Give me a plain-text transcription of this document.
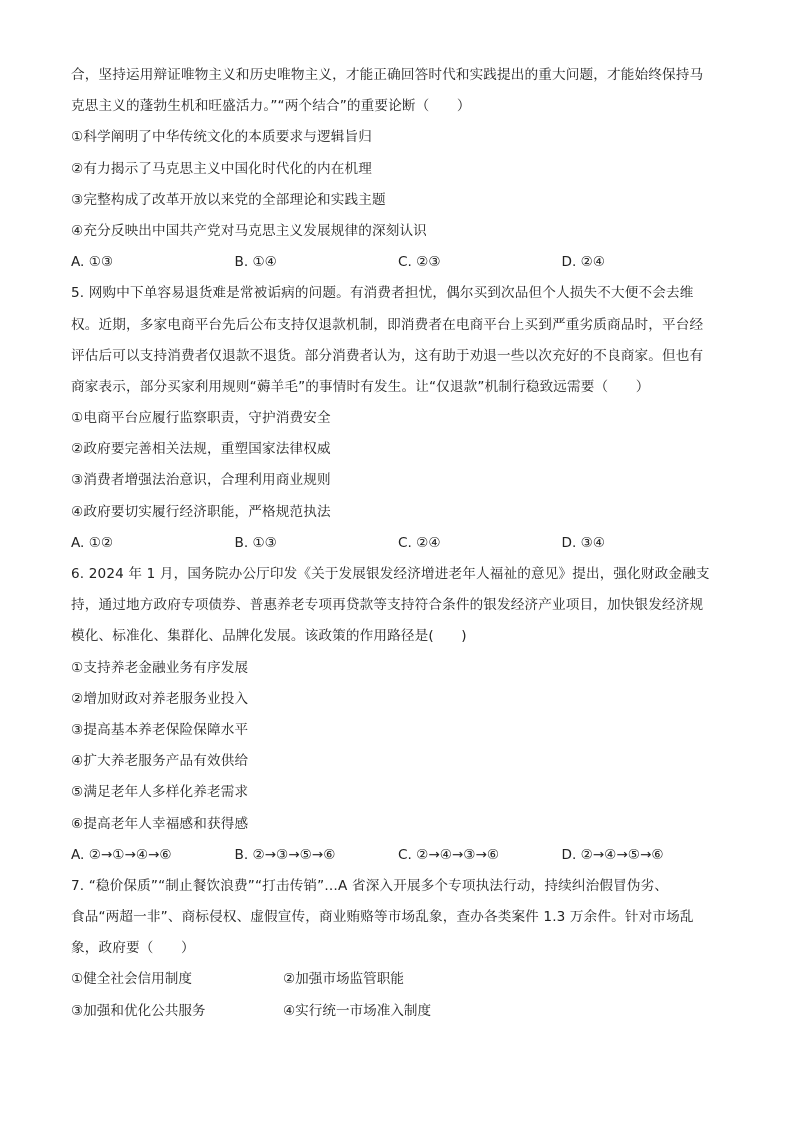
合，坚持运用辩证唯物主义和历史唯物主义，才能正确回答时代和实践提出的重大问题，才能始终保持马
克思主义的蓬勃生机和旺盛活力。”“两个结合”的重要论断（　　）
①科学阐明了中华传统文化的本质要求与逻辑旨归
②有力揭示了马克思主义中国化时代化的内在机理
③完整构成了改革开放以来党的全部理论和实践主题
④充分反映出中国共产党对马克思主义发展规律的深刻认识
A. ①③	B. ①④	C. ②③	D. ②④
5. 网购中下单容易退货难是常被诟病的问题。有消费者担忧，偶尔买到次品但个人损失不大便不会去维
权。近期，多家电商平台先后公布支持仅退款机制，即消费者在电商平台上买到严重劣质商品时，平台经
评估后可以支持消费者仅退款不退货。部分消费者认为，这有助于劝退一些以次充好的不良商家。但也有
商家表示，部分买家利用规则“薅羊毛”的事情时有发生。让“仅退款”机制行稳致远需要（　　）
①电商平台应履行监察职责，守护消费安全
②政府要完善相关法规，重塑国家法律权威
③消费者增强法治意识，合理利用商业规则
④政府要切实履行经济职能，严格规范执法
A. ①②	B. ①③	C. ②④	D. ③④
6. 2024 年 1 月，国务院办公厅印发《关于发展银发经济增进老年人福祉的意见》提出，强化财政金融支
持，通过地方政府专项债券、普惠养老专项再贷款等支持符合条件的银发经济产业项目，加快银发经济规
模化、标准化、集群化、品牌化发展。该政策的作用路径是(　　)
①支持养老金融业务有序发展
②增加财政对养老服务业投入
③提高基本养老保险保障水平
④扩大养老服务产品有效供给
⑤满足老年人多样化养老需求
⑥提高老年人幸福感和获得感
A. ②→①→④→⑥	B. ②→③→⑤→⑥	C. ②→④→③→⑥	D. ②→④→⑤→⑥
7. “稳价保质”“制止餐饮浪费”“打击传销”…A 省深入开展多个专项执法行动，持续纠治假冒伪劣、
食品“两超一非”、商标侵权、虚假宣传，商业贿赂等市场乱象，查办各类案件 1.3 万余件。针对市场乱
象，政府要（　　）
①健全社会信用制度	②加强市场监管职能
③加强和优化公共服务	④实行统一市场准入制度
